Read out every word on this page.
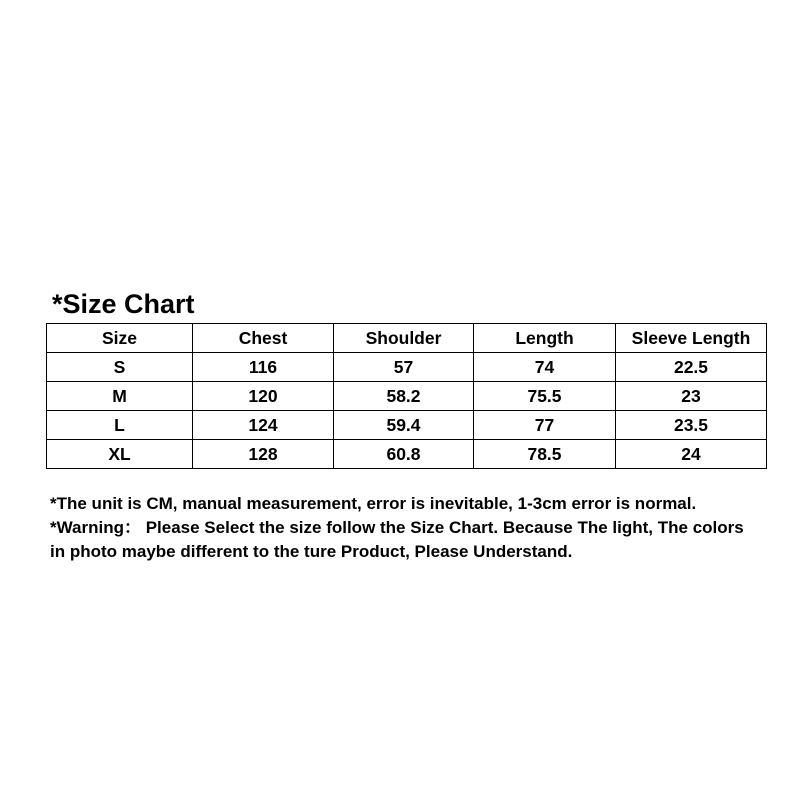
*Size Chart
Size	Chest	Shoulder	Length	Sleeve Length
S	116	57	74	22.5
M	120	58.2	75.5	23
L	124	59.4	77	23.5
XL	128	60.8	78.5	24
*The unit is CM, manual measurement, error is inevitable, 1-3cm error is normal. *Warning： Please Select the size follow the Size Chart. Because The light, The colors in photo maybe different to the ture Product, Please Understand.
